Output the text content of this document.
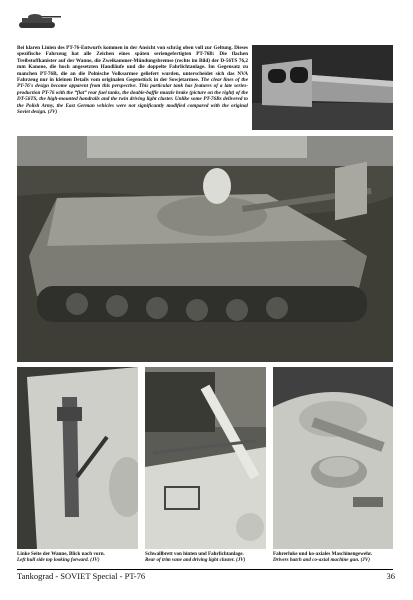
Bei klaren Linien des PT-76-Entwurfs kommen in der Ansicht von schräg oben voll zur Geltung. Dieses spezifische Fahrzeug hat alle Zeichen eines späten seriengefertigten PT-76B: Die flachen Treibstoffkanister auf der Wanne, die Zweikammer-Mündungsbremse (rechts im Bild) der D-56TS 76,2 mm Kanone, die hoch angesetzten Handläufe und die doppelte Fahrlichtanlage. Im Gegensatz zu manchen PT-76B, die an die Polnische Volksarmee geliefert wurden, unterscheidet sich das NVA Fahrzeug nur in kleinen Details vom originalen Gegenstück in der Sowjetarmee. The clear lines of the PT-76's design become apparent from this perspective. This particular tank has features of a late series-production PT-76 with the “flat” rear fuel tanks, the double-baffle muzzle brake (picture on the right) of the DT-56TS, the high-mounted handrails and the twin driving light cluster. Unlike some PT-76Bs delivered to the Polish Army, the East German vehicles were not significantly modified compared with the original Soviet design. (JV)

Linke Seite der Wanne, Blick nach vorn.
Left hull side top looking forward. (JV)
Schwallbrett von hinten und Fahrlichtanlage.
Rear of trim vane and driving light cluster. (JV)
Fahrerluke und ko-axiales Maschinengewehr.
Drivers hatch and co-axial machine gun. (JV)
Tankograd - SOVIET Special - PT-76	36
